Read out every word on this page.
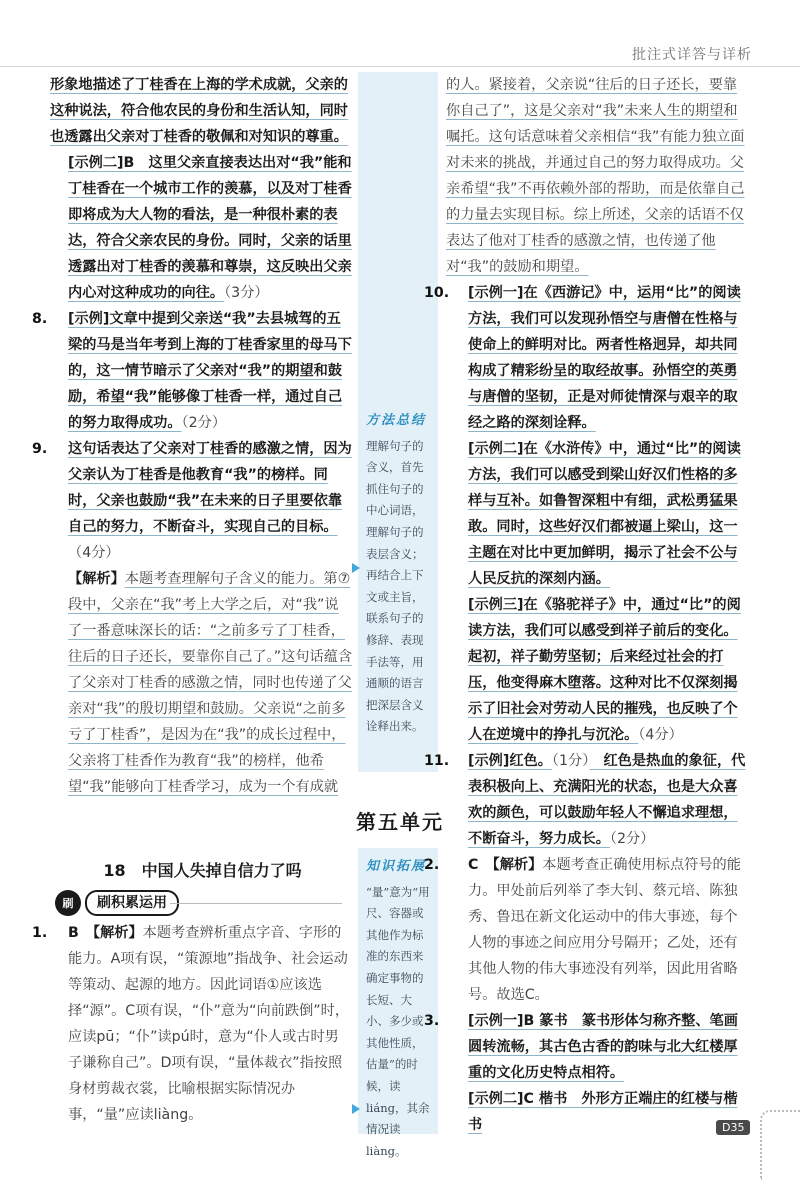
批注式详答与详析

形象地描述了丁桂香在上海的学术成就，父亲的这种说法，符合他农民的身份和生活认知，同时也透露出父亲对丁桂香的敬佩和对知识的尊重。

[示例二]B　这里父亲直接表达出对“我”能和丁桂香在一个城市工作的羡慕，以及对丁桂香即将成为大人物的看法，是一种很朴素的表达，符合父亲农民的身份。同时，父亲的话里透露出对丁桂香的羡慕和尊崇，这反映出父亲内心对这种成功的向往。（3分）

8. [示例]文章中提到父亲送“我”去县城驾的五梁的马是当年考到上海的丁桂香家里的母马下的，这一情节暗示了父亲对“我”的期望和鼓励，希望“我”能够像丁桂香一样，通过自己的努力取得成功。（2分）

9. 这句话表达了父亲对丁桂香的感激之情，因为父亲认为丁桂香是他教育“我”的榜样。同时，父亲也鼓励“我”在未来的日子里要依靠自己的努力，不断奋斗，实现自己的目标。（4分）

【解析】本题考查理解句子含义的能力。第⑦段中，父亲在“我”考上大学之后，对“我”说了一番意味深长的话：“之前多亏了丁桂香，往后的日子还长，要靠你自己了。”这句话蕴含了父亲对丁桂香的感激之情，同时也传递了父亲对“我”的殷切期望和鼓励。父亲说“之前多亏了丁桂香”，是因为在“我”的成长过程中，父亲将丁桂香作为教育“我”的榜样，他希望“我”能够向丁桂香学习，成为一个有成就

方法总结
理解句子的含义，首先抓住句子的中心词语，理解句子的表层含义；再结合上下文或主旨，联系句子的修辞、表现手法等，用通顺的语言把深层含义诠释出来。

的人。紧接着，父亲说“往后的日子还长，要靠你自己了”，这是父亲对“我”未来人生的期望和嘱托。这句话意味着父亲相信“我”有能力独立面对未来的挑战，并通过自己的努力取得成功。父亲希望“我”不再依赖外部的帮助，而是依靠自己的力量去实现目标。综上所述，父亲的话语不仅表达了他对丁桂香的感激之情，也传递了他对“我”的鼓励和期望。

10. [示例一]在《西游记》中，运用“比”的阅读方法，我们可以发现孙悟空与唐僧在性格与使命上的鲜明对比。两者性格迥异，却共同构成了精彩纷呈的取经故事。孙悟空的英勇与唐僧的坚韧，正是对师徒情深与艰辛的取经之路的深刻诠释。

[示例二]在《水浒传》中，通过“比”的阅读方法，我们可以感受到梁山好汉们性格的多样与互补。如鲁智深粗中有细，武松勇猛果敢。同时，这些好汉们都被逼上梁山，这一主题在对比中更加鲜明，揭示了社会不公与人民反抗的深刻内涵。

[示例三]在《骆驼祥子》中，通过“比”的阅读方法，我们可以感受到祥子前后的变化。起初，祥子勤劳坚韧；后来经过社会的打压，他变得麻木堕落。这种对比不仅深刻揭示了旧社会对劳动人民的摧残，也反映了个人在逆境中的挣扎与沉沦。（4分）

11. [示例]红色。（1分）　红色是热血的象征，代表积极向上、充满阳光的状态，也是大众喜欢的颜色，可以鼓励年轻人不懈追求理想，不断奋斗，努力成长。（2分）

第五单元
18　中国人失掉自信力了吗
刷	刷积累运用

1. B　【解析】本题考查辨析重点字音、字形的能力。A项有误，“策源地”指战争、社会运动等策动、起源的地方。因此词语①应该选择“源”。C项有误，“仆”意为“向前跌倒”时，应读pū；“仆”读pú时，意为“仆人或古时男子谦称自己”。D项有误，“量体裁衣”指按照身材剪裁衣裳，比喻根据实际情况办事，“量”应读liàng。

知识拓展
“量”意为“用尺、容器或其他作为标准的东西来确定事物的长短、大小、多少或其他性质，估量”的时候，读liáng，其余情况读liàng。

2. C　【解析】本题考查正确使用标点符号的能力。甲处前后列举了李大钊、蔡元培、陈独秀、鲁迅在新文化运动中的伟大事迹，每个人物的事迹之间应用分号隔开；乙处，还有其他人物的伟大事迹没有列举，因此用省略号。故选C。

3. [示例一]B 篆书　篆书形体匀称齐整、笔画圆转流畅，其古色古香的韵味与北大红楼厚重的文化历史特点相符。

[示例二]C 楷书　外形方正端庄的红楼与楷书	D35
